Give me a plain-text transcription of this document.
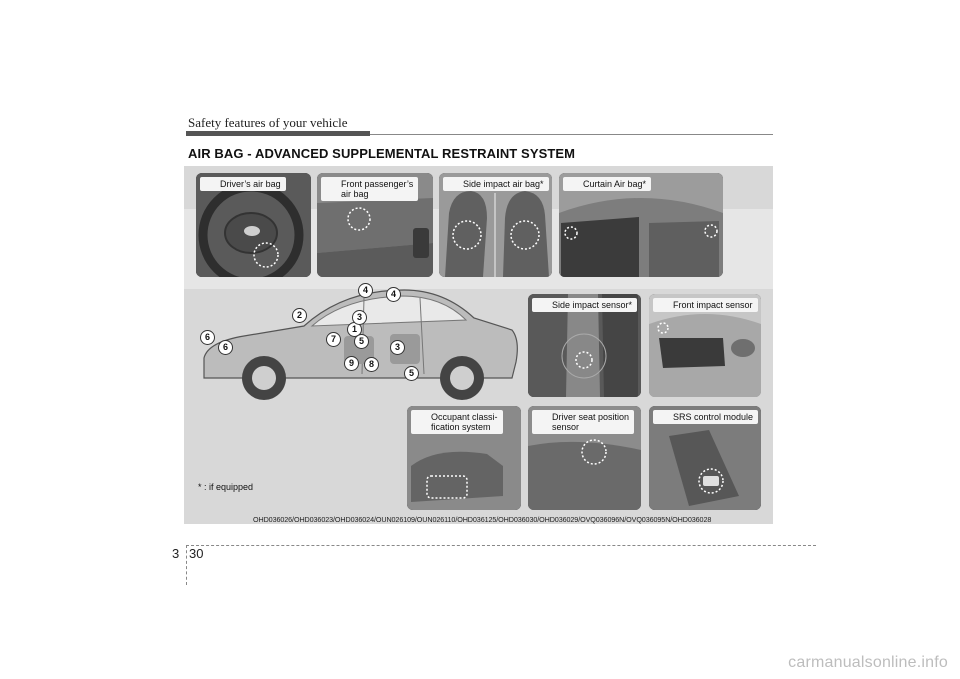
Safety features of your vehicle
AIR BAG - ADVANCED SUPPLEMENTAL RESTRAINT SYSTEM
Driver’s air bag	Front passenger’s
air bag
Side impact air bag*	Curtain Air bag*
1
2	3
3
4	4
5
5
6
6
7
8
9
Side impact sensor*	Front impact sensor
Occupant classi-
fication system
Driver seat position
sensor
SRS control module
* : if equipped
OHD036026/OHD036023/OHD036024/OUN026109/OUN026110/OHD036125/OHD036030/OHD036029/OVQ036096N/OVQ036095N/OHD036028
3 30
carmanualsonline.info
